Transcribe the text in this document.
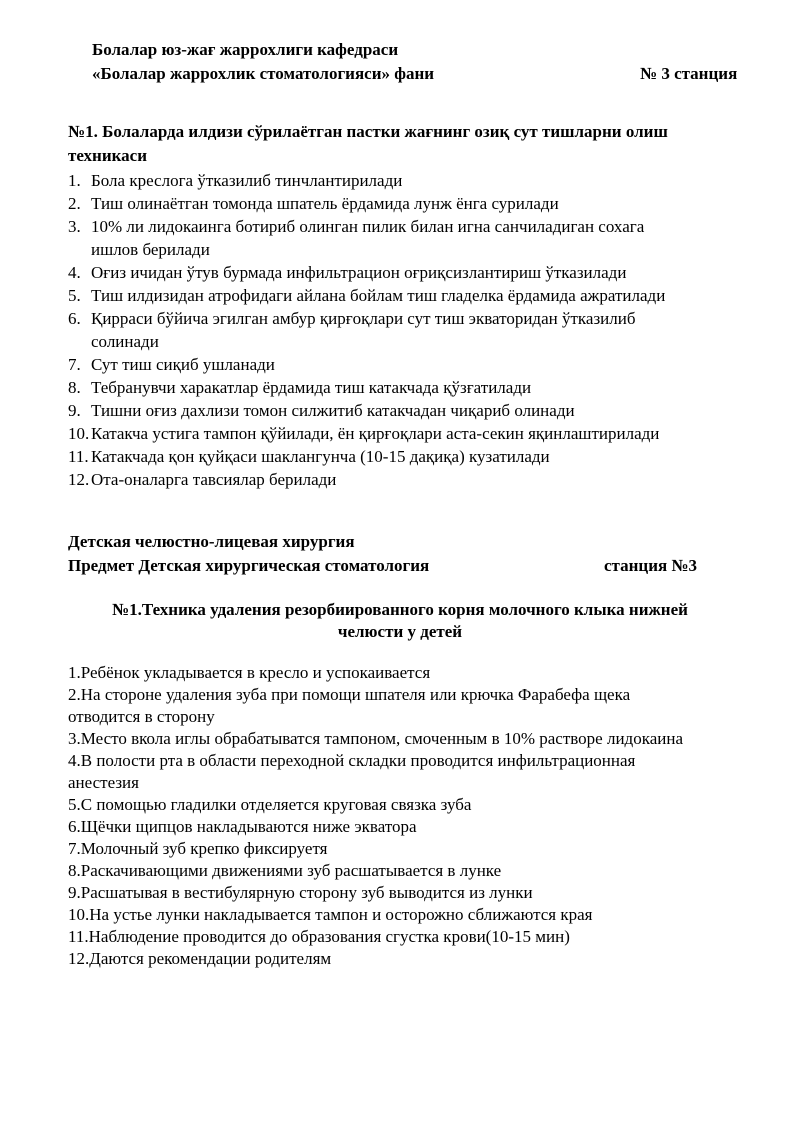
Болалар юз-жағ жаррохлиги кафедраси
«Болалар жаррохлик стоматологияси» фани	№ 3 станция
№1. Болаларда илдизи сўрилаётган пастки жағнинг озиқ сут тишларни олиш
техникаси
1. Бола креслога ўтказилиб тинчлантирилади
2. Тиш олинаётган томонда шпатель ёрдамида лунж ёнга сурилади
3. 10% ли лидокаинга ботириб олинган пилик билан игна санчиладиган сохага
ишлов берилади
4. Оғиз ичидан ўтув бурмада инфильтрацион оғриқсизлантириш ўтказилади
5. Тиш илдизидан атрофидаги айлана бойлам тиш гладелка ёрдамида ажратилади
6. Қирраси бўйича эгилган амбур қирғоқлари сут тиш экваторидан ўтказилиб
солинади
7. Сут тиш сиқиб ушланади
8. Тебранувчи харакатлар ёрдамида тиш катакчада қўзғатилади
9. Тишни оғиз дахлизи томон силжитиб катакчадан чиқариб олинади
10. Катакча устига тампон қўйилади, ён қирғоқлари аста-секин яқинлаштирилади
11. Катакчада қон қуйқаси шаклангунча (10-15 дақиқа) кузатилади
12. Ота-оналарга тавсиялар берилади
Детская челюстно-лицевая хирургия
Предмет Детская хирургическая стоматология	станция №3
№1.Техника удаления резорбиированного корня молочного клыка нижней
челюсти у детей
1.Ребёнок укладывается в кресло и успокаивается
2.На стороне удаления зуба при помощи шпателя или крючка Фарабефа щека
отводится в сторону
3.Место вкола иглы обрабатыватся тампоном, смоченным в 10% растворе лидокаина
4.В полости рта в области переходной складки проводится инфильтрационная
анестезия
5.С помощью гладилки отделяется круговая связка зуба
6.Щёчки щипцов накладываются ниже экватора
7.Молочный зуб крепко фиксируетя
8.Раскачивающими движениями зуб расшатывается в лунке
9.Расшатывая в вестибулярную сторону зуб выводится из лунки
10.На устье лунки накладывается тампон и осторожно сближаются края
11.Наблюдение проводится до образования сгустка крови(10-15 мин)
12.Даются рекомендации родителям
